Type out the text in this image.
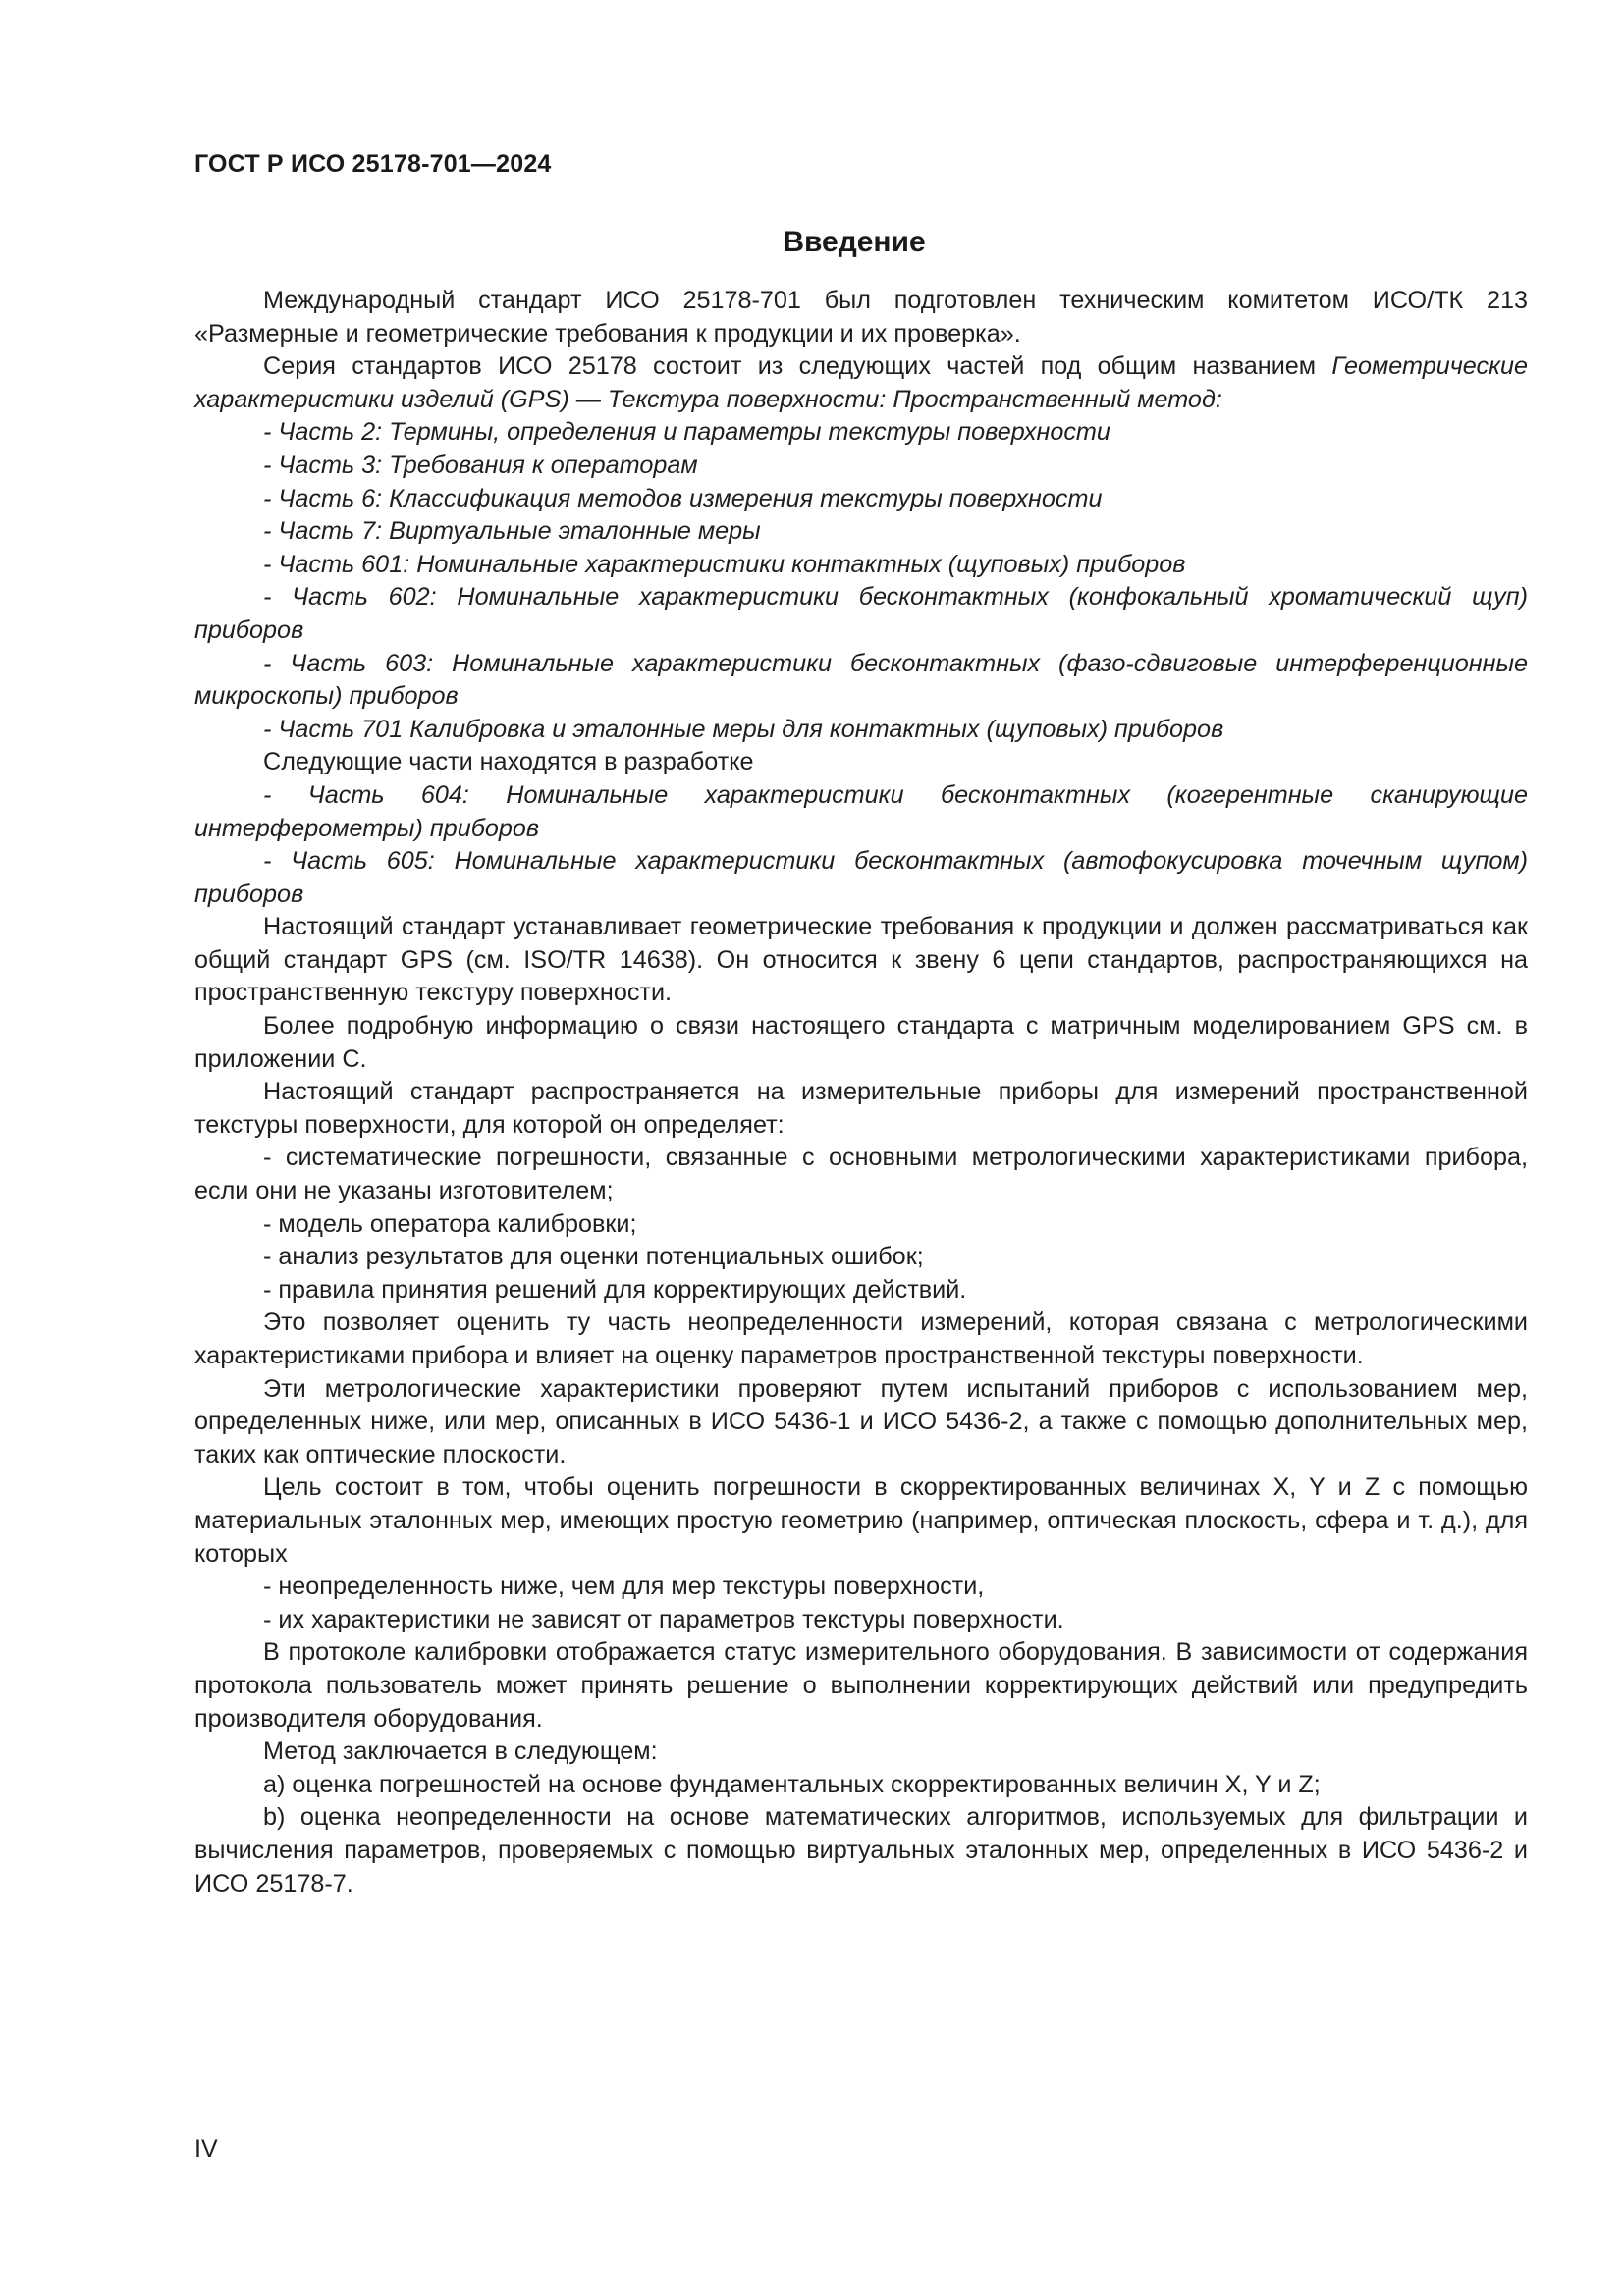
ГОСТ Р ИСО 25178-701—2024
Введение

Международный стандарт ИСО 25178-701 был подготовлен техническим комитетом ИСО/ТК 213 «Размерные и геометрические требования к продукции и их проверка».

Серия стандартов ИСО 25178 состоит из следующих частей под общим названием Геометрические характеристики изделий (GPS) — Текстура поверхности: Пространственный метод:

- Часть 2: Термины, определения и параметры текстуры поверхности

- Часть 3: Требования к операторам

- Часть 6: Классификация методов измерения текстуры поверхности

- Часть 7: Виртуальные эталонные меры

- Часть 601: Номинальные характеристики контактных (щуповых) приборов

- Часть 602: Номинальные характеристики бесконтактных (конфокальный хроматический щуп) приборов

- Часть 603: Номинальные характеристики бесконтактных (фазо-сдвиговые интерференционные микроскопы) приборов

- Часть 701 Калибровка и эталонные меры для контактных (щуповых) приборов

Следующие части находятся в разработке

- Часть 604: Номинальные характеристики бесконтактных (когерентные сканирующие интерферометры) приборов

- Часть 605: Номинальные характеристики бесконтактных (автофокусировка точечным щупом) приборов

Настоящий стандарт устанавливает геометрические требования к продукции и должен рассматриваться как общий стандарт GPS (см. ISO/TR 14638). Он относится к звену 6 цепи стандартов, распространяющихся на пространственную текстуру поверхности.

Более подробную информацию о связи настоящего стандарта с матричным моделированием GPS см. в приложении C.

Настоящий стандарт распространяется на измерительные приборы для измерений пространственной текстуры поверхности, для которой он определяет:

- систематические погрешности, связанные с основными метрологическими характеристиками прибора, если они не указаны изготовителем;

- модель оператора калибровки;

- анализ результатов для оценки потенциальных ошибок;

- правила принятия решений для корректирующих действий.

Это позволяет оценить ту часть неопределенности измерений, которая связана с метрологическими характеристиками прибора и влияет на оценку параметров пространственной текстуры поверхности.

Эти метрологические характеристики проверяют путем испытаний приборов с использованием мер, определенных ниже, или мер, описанных в ИСО 5436-1 и ИСО 5436-2, а также с помощью дополнительных мер, таких как оптические плоскости.

Цель состоит в том, чтобы оценить погрешности в скорректированных величинах X, Y и Z с помощью материальных эталонных мер, имеющих простую геометрию (например, оптическая плоскость, сфера и т. д.), для которых

- неопределенность ниже, чем для мер текстуры поверхности,

- их характеристики не зависят от параметров текстуры поверхности.

В протоколе калибровки отображается статус измерительного оборудования. В зависимости от содержания протокола пользователь может принять решение о выполнении корректирующих действий или предупредить производителя оборудования.

Метод заключается в следующем:

a) оценка погрешностей на основе фундаментальных скорректированных величин X, Y и Z;

b) оценка неопределенности на основе математических алгоритмов, используемых для фильтрации и вычисления параметров, проверяемых с помощью виртуальных эталонных мер, определенных в ИСО 5436-2 и ИСО 25178-7.

IV
